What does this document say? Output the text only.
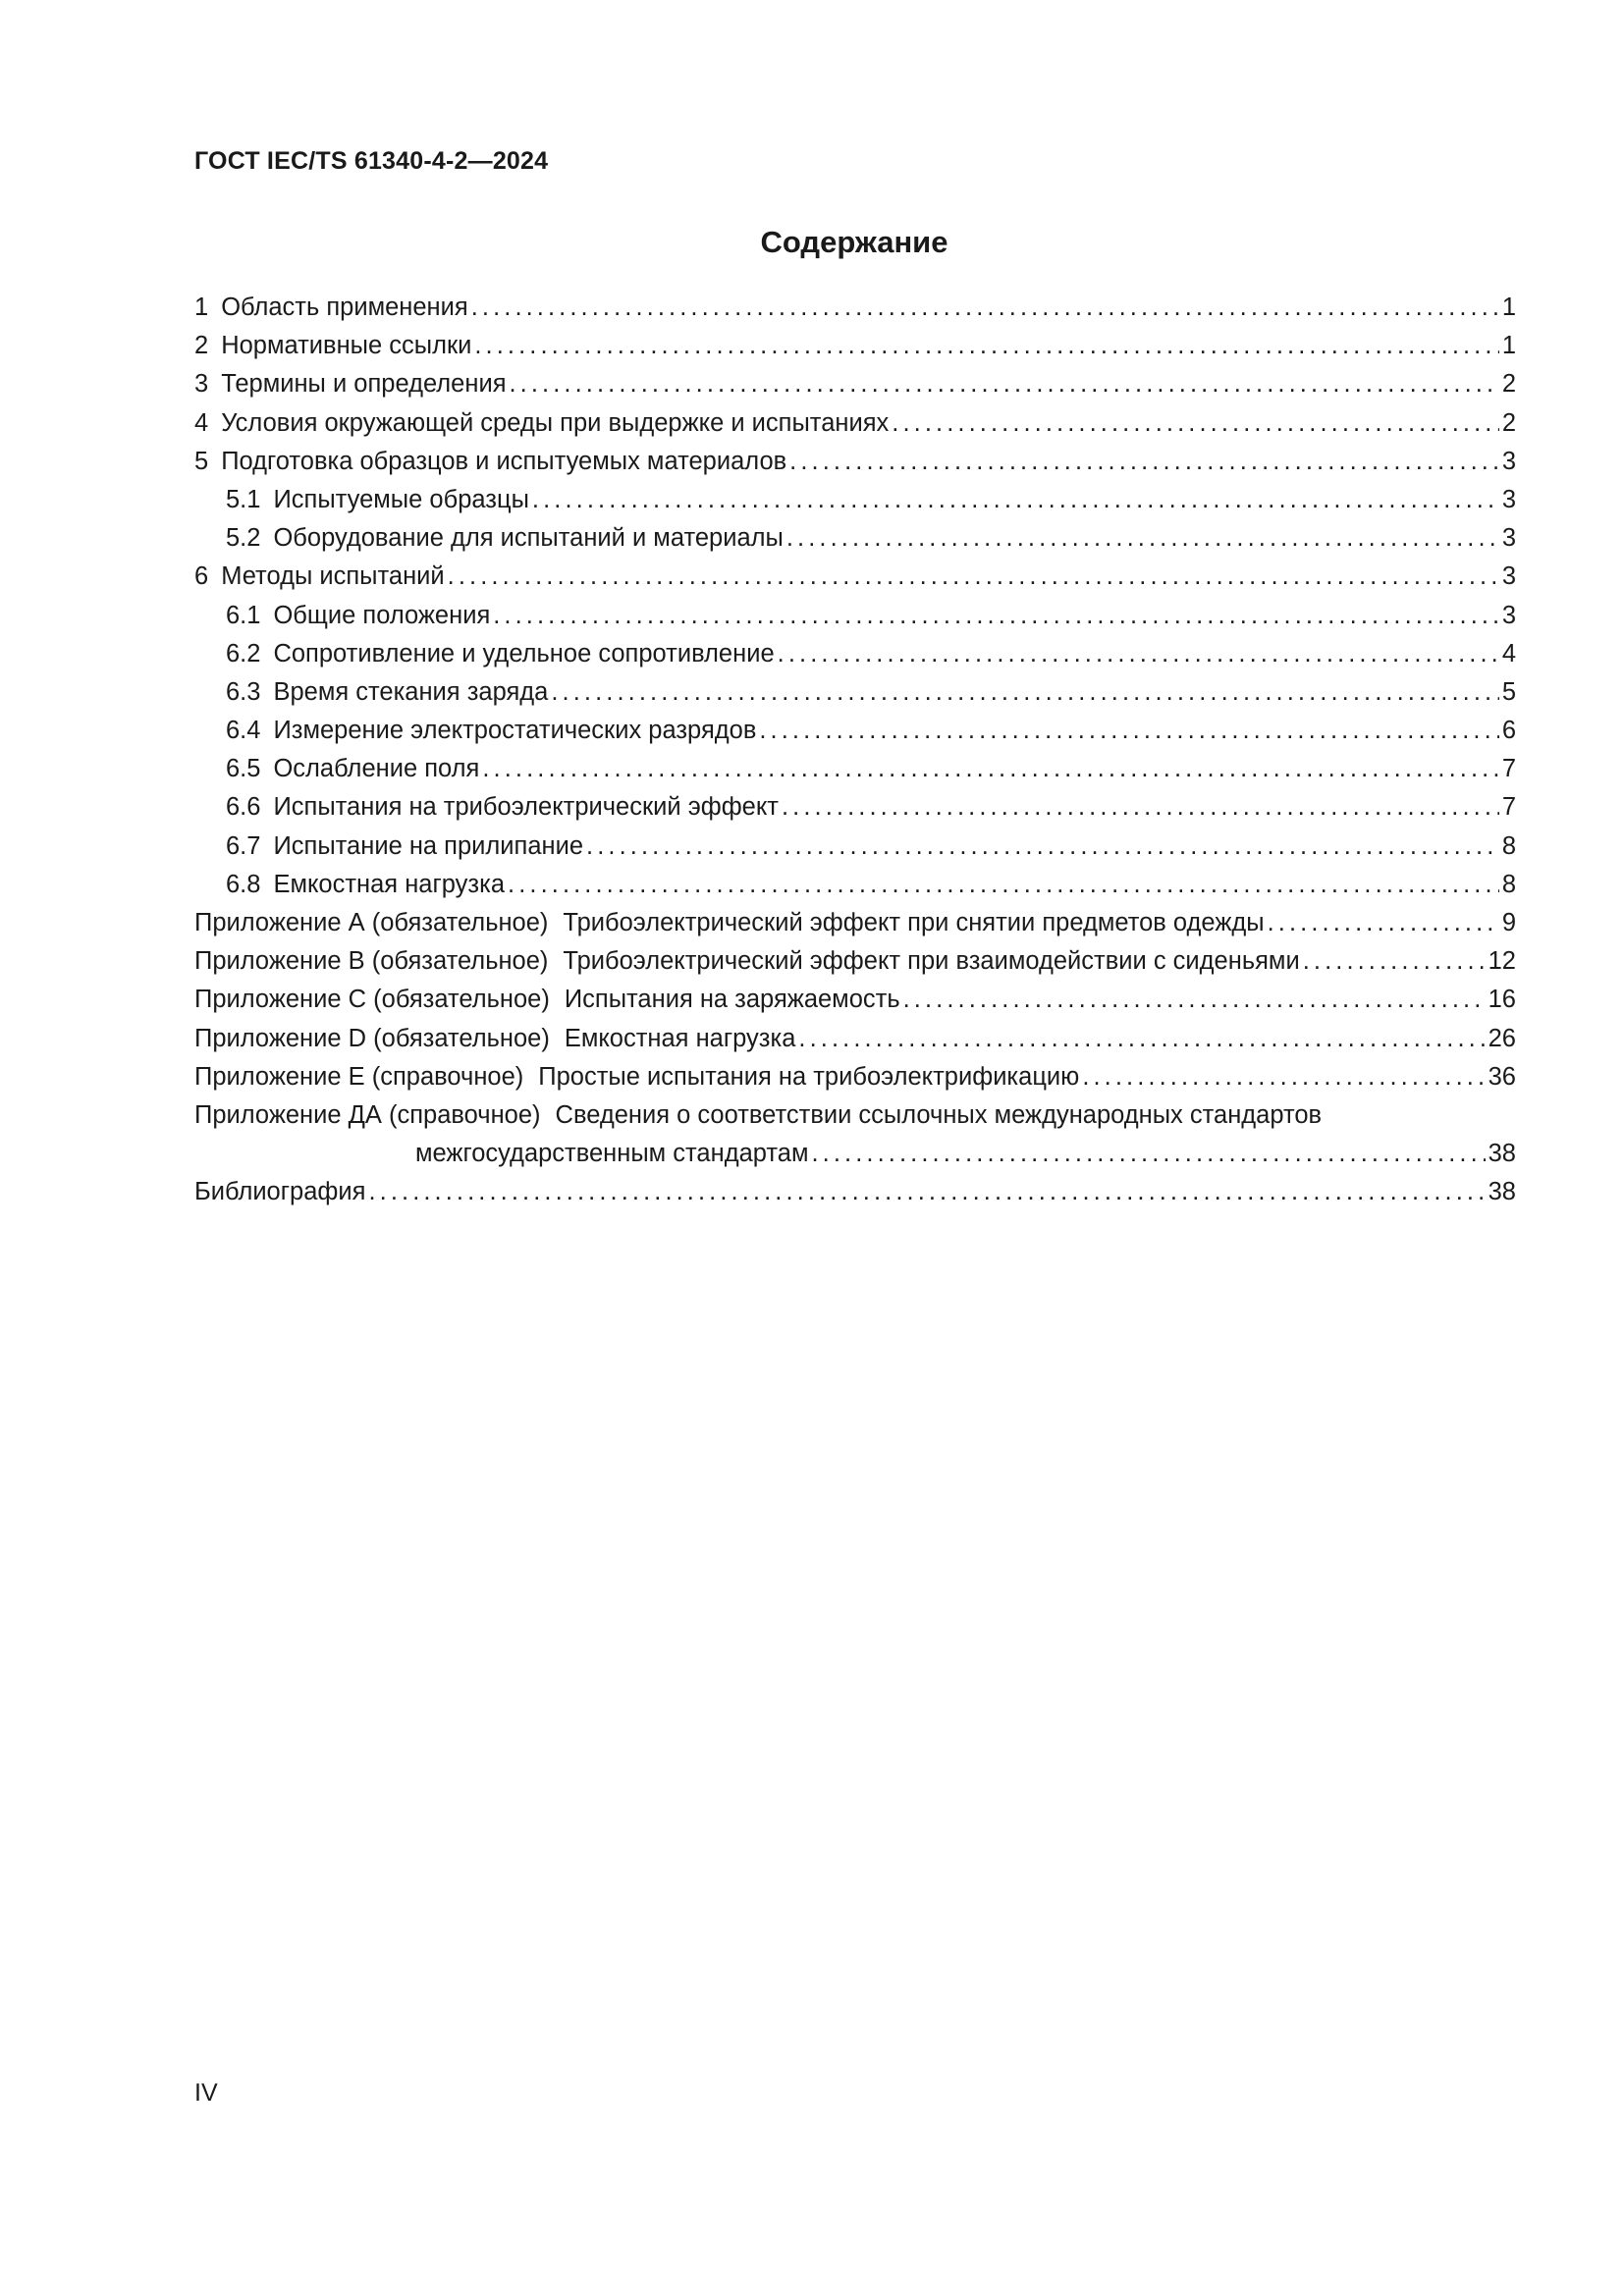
ГОСТ IEC/TS 61340-4-2—2024
Содержание
1 Область применения .....	1
2 Нормативные ссылки .....	1
3 Термины и определения .....	2
4 Условия окружающей среды при выдержке и испытаниях .....	2
5 Подготовка образцов и испытуемых материалов .....	3
5.1 Испытуемые образцы .....	3
5.2 Оборудование для испытаний и материалы .....	3
6 Методы испытаний .....	3
6.1 Общие положения .....	3
6.2 Сопротивление и удельное сопротивление .....	4
6.3 Время стекания заряда .....	5
6.4 Измерение электростатических разрядов .....	6
6.5 Ослабление поля .....	7
6.6 Испытания на трибоэлектрический эффект .....	7
6.7 Испытание на прилипание .....	8
6.8 Емкостная нагрузка .....	8
Приложение А (обязательное) Трибоэлектрический эффект при снятии предметов одежды .....	9
Приложение В (обязательное) Трибоэлектрический эффект при взаимодействии с сиденьями .....	12
Приложение С (обязательное) Испытания на заряжаемость .....	16
Приложение D (обязательное) Емкостная нагрузка .....	26
Приложение Е (справочное) Простые испытания на трибоэлектрификацию .....	36
Приложение ДА (справочное) Сведения о соответствии ссылочных международных стандартов
межгосударственным стандартам .....	38
Библиография .....	38
IV
